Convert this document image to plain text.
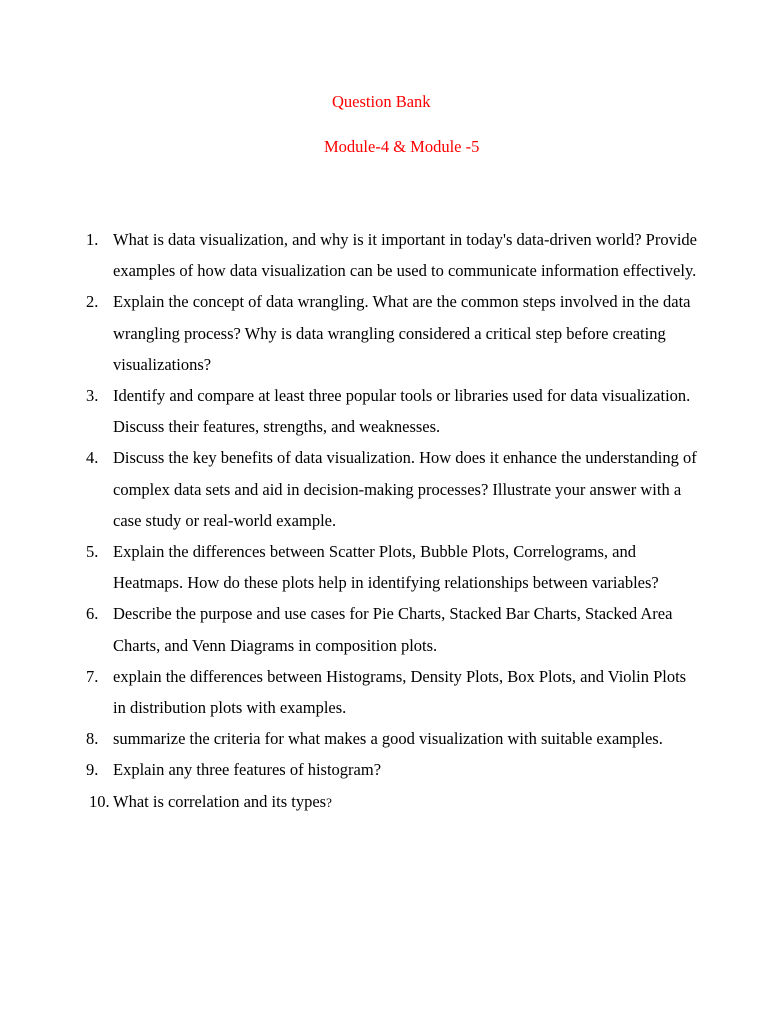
Question Bank
Module-4 & Module -5
1. What is data visualization, and why is it important in today's data-driven world? Provide examples of how data visualization can be used to communicate information effectively.
2. Explain the concept of data wrangling. What are the common steps involved in the data wrangling process? Why is data wrangling considered a critical step before creating visualizations?
3. Identify and compare at least three popular tools or libraries used for data visualization. Discuss their features, strengths, and weaknesses.
4. Discuss the key benefits of data visualization. How does it enhance the understanding of complex data sets and aid in decision-making processes? Illustrate your answer with a case study or real-world example.
5. Explain the differences between Scatter Plots, Bubble Plots, Correlograms, and Heatmaps. How do these plots help in identifying relationships between variables?
6. Describe the purpose and use cases for Pie Charts, Stacked Bar Charts, Stacked Area Charts, and Venn Diagrams in composition plots.
7. explain the differences between Histograms, Density Plots, Box Plots, and Violin Plots in distribution plots with examples.
8. summarize the criteria for what makes a good visualization with suitable examples.
9. Explain any three features of histogram?
10. What is correlation and its types?
